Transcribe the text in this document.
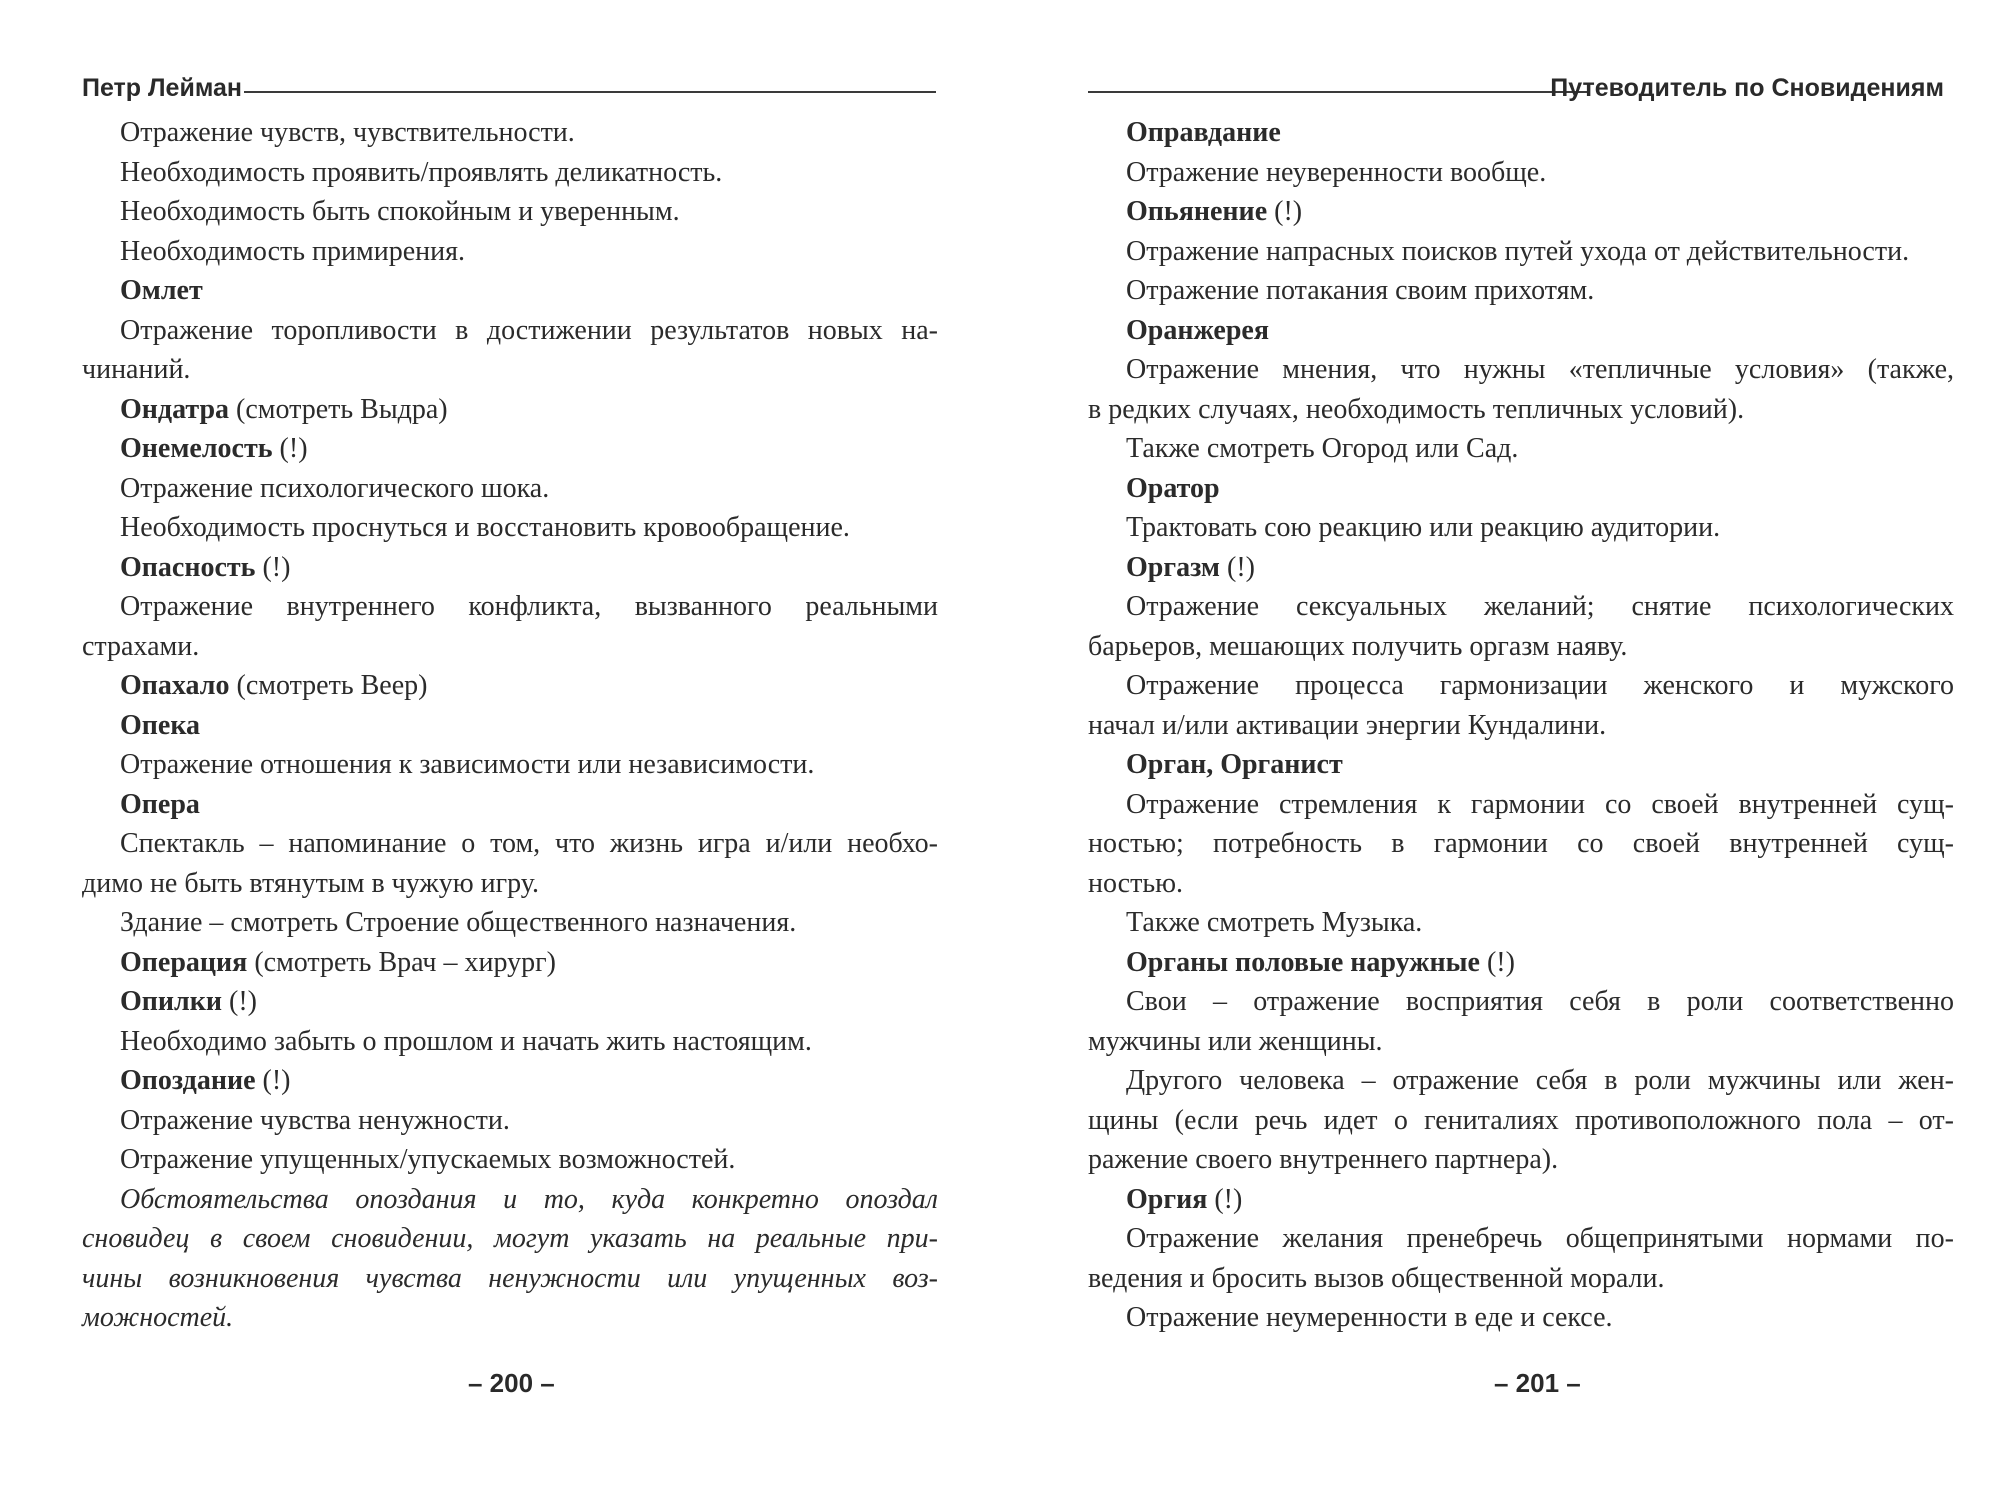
Петр Лейман

Отражение чувств, чувствительности.

Необходимость проявить/проявлять деликатность.

Необходимость быть спокойным и уверенным.

Необходимость примирения.

Омлет

Отражение торопливости в достижении результатов новых на-

чинаний.

Ондатра (смотреть Выдра)

Онемелость (!)

Отражение психологического шока.

Необходимость проснуться и восстановить кровообращение.

Опасность (!)

Отражение внутреннего конфликта, вызванного реальными

страхами.

Опахало (смотреть Веер)

Опека

Отражение отношения к зависимости или независимости.

Опера

Спектакль – напоминание о том, что жизнь игра и/или необхо-

димо не быть втянутым в чужую игру.

Здание – смотреть Строение общественного назначения.

Операция (смотреть Врач – хирург)

Опилки (!)

Необходимо забыть о прошлом и начать жить настоящим.

Опоздание (!)

Отражение чувства ненужности.

Отражение упущенных/упускаемых возможностей.

Обстоятельства опоздания и то, куда конкретно опоздал

сновидец в своем сновидении, могут указать на реальные при-

чины возникновения чувства ненужности или упущенных воз-

можностей.

– 200 –
Путеводитель по Сновидениям

Оправдание

Отражение неуверенности вообще.

Опьянение (!)

Отражение напрасных поисков путей ухода от действительности.

Отражение потакания своим прихотям.

Оранжерея

Отражение мнения, что нужны «тепличные условия» (также,

в редких случаях, необходимость тепличных условий).

Также смотреть Огород или Сад.

Оратор

Трактовать сою реакцию или реакцию аудитории.

Оргазм (!)

Отражение сексуальных желаний; снятие психологических

барьеров, мешающих получить оргазм наяву.

Отражение процесса гармонизации женского и мужского

начал и/или активации энергии Кундалини.

Орган, Органист

Отражение стремления к гармонии со своей внутренней сущ-

ностью; потребность в гармонии со своей внутренней сущ-

ностью.

Также смотреть Музыка.

Органы половые наружные (!)

Свои – отражение восприятия себя в роли соответственно

мужчины или женщины.

Другого человека – отражение себя в роли мужчины или жен-

щины (если речь идет о гениталиях противоположного пола – от-

ражение своего внутреннего партнера).

Оргия (!)

Отражение желания пренебречь общепринятыми нормами по-

ведения и бросить вызов общественной морали.

Отражение неумеренности в еде и сексе.

– 201 –
